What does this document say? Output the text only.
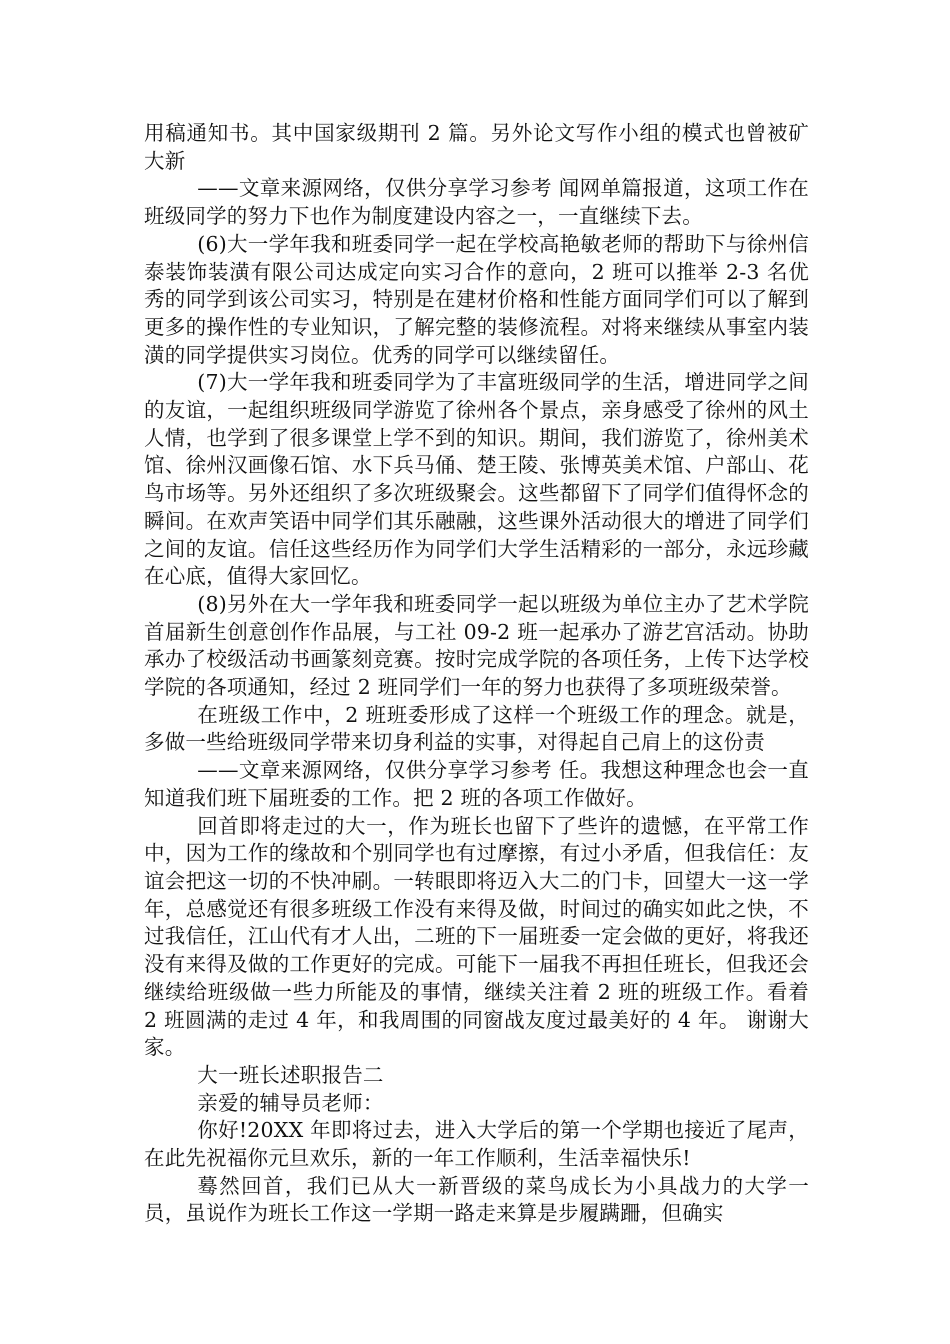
用稿通知书。其中国家级期刊 2 篇。另外论文写作小组的模式也曾被矿大新

——文章来源网络，仅供分享学习参考 闻网单篇报道，这项工作在班级同学的努力下也作为制度建设内容之一，一直继续下去。

(6)大一学年我和班委同学一起在学校高艳敏老师的帮助下与徐州信泰装饰装潢有限公司达成定向实习合作的意向，2 班可以推举 2-3 名优秀的同学到该公司实习，特别是在建材价格和性能方面同学们可以了解到更多的操作性的专业知识，了解完整的装修流程。对将来继续从事室内装潢的同学提供实习岗位。优秀的同学可以继续留任。

(7)大一学年我和班委同学为了丰富班级同学的生活，增进同学之间的友谊，一起组织班级同学游览了徐州各个景点，亲身感受了徐州的风土人情，也学到了很多课堂上学不到的知识。期间，我们游览了，徐州美术馆、徐州汉画像石馆、水下兵马俑、楚王陵、张博英美术馆、户部山、花鸟市场等。另外还组织了多次班级聚会。这些都留下了同学们值得怀念的瞬间。在欢声笑语中同学们其乐融融，这些课外活动很大的增进了同学们之间的友谊。信任这些经历作为同学们大学生活精彩的一部分，永远珍藏在心底，值得大家回忆。

(8)另外在大一学年我和班委同学一起以班级为单位主办了艺术学院首届新生创意创作作品展，与工社 09-2 班一起承办了游艺宫活动。协助承办了校级活动书画篆刻竞赛。按时完成学院的各项任务，上传下达学校学院的各项通知，经过 2 班同学们一年的努力也获得了多项班级荣誉。

在班级工作中，2 班班委形成了这样一个班级工作的理念。就是，多做一些给班级同学带来切身利益的实事，对得起自己肩上的这份责

——文章来源网络，仅供分享学习参考 任。我想这种理念也会一直知道我们班下届班委的工作。把 2 班的各项工作做好。

回首即将走过的大一，作为班长也留下了些许的遗憾，在平常工作中，因为工作的缘故和个别同学也有过摩擦，有过小矛盾，但我信任：友谊会把这一切的不快冲刷。一转眼即将迈入大二的门卡，回望大一这一学年，总感觉还有很多班级工作没有来得及做，时间过的确实如此之快，不过我信任，江山代有才人出，二班的下一届班委一定会做的更好，将我还没有来得及做的工作更好的完成。可能下一届我不再担任班长，但我还会继续给班级做一些力所能及的事情，继续关注着 2 班的班级工作。看着 2 班圆满的走过 4 年，和我周围的同窗战友度过最美好的 4 年。 谢谢大家。

大一班长述职报告二

亲爱的辅导员老师：

你好!20XX 年即将过去，进入大学后的第一个学期也接近了尾声，在此先祝福你元旦欢乐，新的一年工作顺利，生活幸福快乐!

蓦然回首，我们已从大一新晋级的菜鸟成长为小具战力的大学一员，虽说作为班长工作这一学期一路走来算是步履蹒跚，但确实
